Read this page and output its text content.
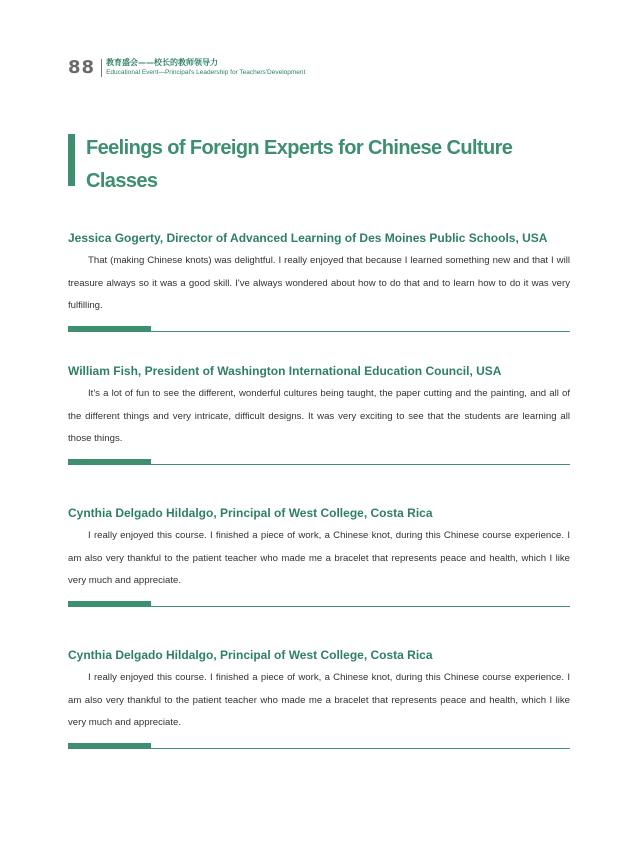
88 教育盛会——校长的教师领导力
Educational Event—Principal's Leadership for Teachers'Development
Feelings of Foreign Experts for Chinese Culture Classes

Jessica Gogerty, Director of Advanced Learning of Des Moines Public Schools, USA

That (making Chinese knots) was delightful. I really enjoyed that because I learned something new and that I will treasure always so it was a good skill. I've always wondered about how to do that and to learn how to do it was very fulfilling.

William Fish, President of Washington International Education Council, USA

It's a lot of fun to see the different, wonderful cultures being taught, the paper cutting and the painting, and all of the different things and very intricate, difficult designs. It was very exciting to see that the students are learning all those things.

Cynthia Delgado Hildalgo, Principal of West College, Costa Rica

I really enjoyed this course. I finished a piece of work, a Chinese knot, during this Chinese course experience. I am also very thankful to the patient teacher who made me a bracelet that represents peace and health, which I like very much and appreciate.

Cynthia Delgado Hildalgo, Principal of West College, Costa Rica

I really enjoyed this course. I finished a piece of work, a Chinese knot, during this Chinese course experience. I am also very thankful to the patient teacher who made me a bracelet that represents peace and health, which I like very much and appreciate.
